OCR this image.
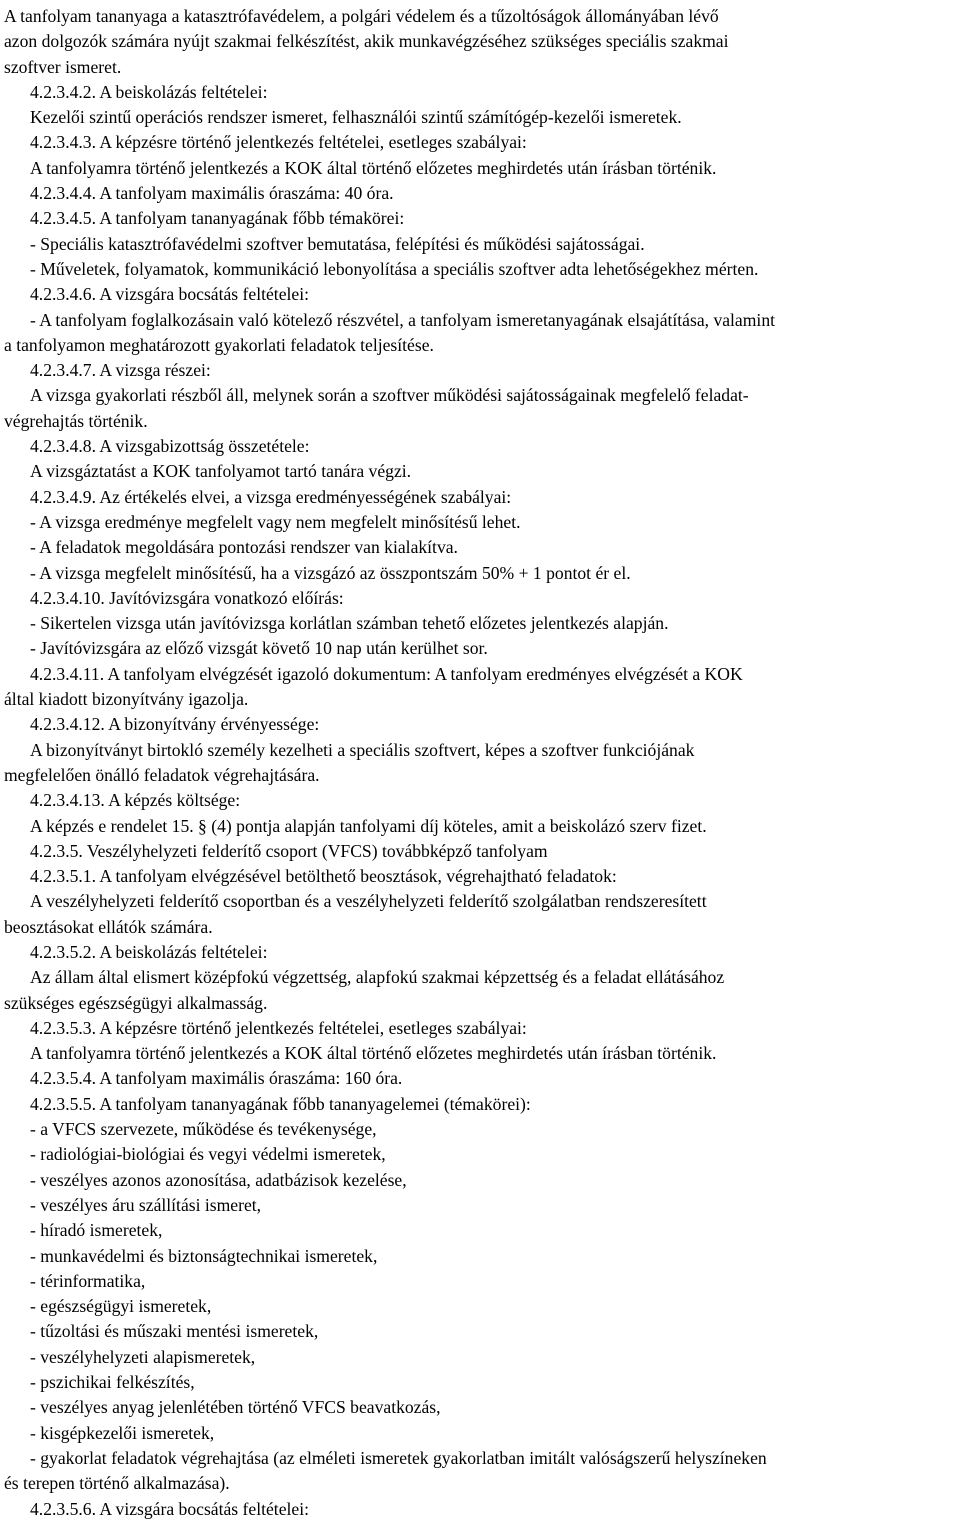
A tanfolyam tananyaga a katasztrófavédelem, a polgári védelem és a tűzoltóságok állományában lévő
azon dolgozók számára nyújt szakmai felkészítést, akik munkavégzéséhez szükséges speciális szakmai
szoftver ismeret.
4.2.3.4.2. A beiskolázás feltételei:
Kezelői szintű operációs rendszer ismeret, felhasználói szintű számítógép-kezelői ismeretek.
4.2.3.4.3. A képzésre történő jelentkezés feltételei, esetleges szabályai:
A tanfolyamra történő jelentkezés a KOK által történő előzetes meghirdetés után írásban történik.
4.2.3.4.4. A tanfolyam maximális óraszáma: 40 óra.
4.2.3.4.5. A tanfolyam tananyagának főbb témakörei:
- Speciális katasztrófavédelmi szoftver bemutatása, felépítési és működési sajátosságai.
- Műveletek, folyamatok, kommunikáció lebonyolítása a speciális szoftver adta lehetőségekhez mérten.
4.2.3.4.6. A vizsgára bocsátás feltételei:
- A tanfolyam foglalkozásain való kötelező részvétel, a tanfolyam ismeretanyagának elsajátítása, valamint
a tanfolyamon meghatározott gyakorlati feladatok teljesítése.
4.2.3.4.7. A vizsga részei:
A vizsga gyakorlati részből áll, melynek során a szoftver működési sajátosságainak megfelelő feladat-
végrehajtás történik.
4.2.3.4.8. A vizsgabizottság összetétele:
A vizsgáztatást a KOK tanfolyamot tartó tanára végzi.
4.2.3.4.9. Az értékelés elvei, a vizsga eredményességének szabályai:
- A vizsga eredménye megfelelt vagy nem megfelelt minősítésű lehet.
- A feladatok megoldására pontozási rendszer van kialakítva.
- A vizsga megfelelt minősítésű, ha a vizsgázó az összpontszám 50% + 1 pontot ér el.
4.2.3.4.10. Javítóvizsgára vonatkozó előírás:
- Sikertelen vizsga után javítóvizsga korlátlan számban tehető előzetes jelentkezés alapján.
- Javítóvizsgára az előző vizsgát követő 10 nap után kerülhet sor.
4.2.3.4.11. A tanfolyam elvégzését igazoló dokumentum: A tanfolyam eredményes elvégzését a KOK
által kiadott bizonyítvány igazolja.
4.2.3.4.12. A bizonyítvány érvényessége:
A bizonyítványt birtokló személy kezelheti a speciális szoftvert, képes a szoftver funkciójának
megfelelően önálló feladatok végrehajtására.
4.2.3.4.13. A képzés költsége:
A képzés e rendelet 15. § (4) pontja alapján tanfolyami díj köteles, amit a beiskolázó szerv fizet.
4.2.3.5. Veszélyhelyzeti felderítő csoport (VFCS) továbbképző tanfolyam
4.2.3.5.1. A tanfolyam elvégzésével betölthető beosztások, végrehajtható feladatok:
A veszélyhelyzeti felderítő csoportban és a veszélyhelyzeti felderítő szolgálatban rendszeresített
beosztásokat ellátók számára.
4.2.3.5.2. A beiskolázás feltételei:
Az állam által elismert középfokú végzettség, alapfokú szakmai képzettség és a feladat ellátásához
szükséges egészségügyi alkalmasság.
4.2.3.5.3. A képzésre történő jelentkezés feltételei, esetleges szabályai:
A tanfolyamra történő jelentkezés a KOK által történő előzetes meghirdetés után írásban történik.
4.2.3.5.4. A tanfolyam maximális óraszáma: 160 óra.
4.2.3.5.5. A tanfolyam tananyagának főbb tananyagelemei (témakörei):
- a VFCS szervezete, működése és tevékenysége,
- radiológiai-biológiai és vegyi védelmi ismeretek,
- veszélyes azonos azonosítása, adatbázisok kezelése,
- veszélyes áru szállítási ismeret,
- híradó ismeretek,
- munkavédelmi és biztonságtechnikai ismeretek,
- térinformatika,
- egészségügyi ismeretek,
- tűzoltási és műszaki mentési ismeretek,
- veszélyhelyzeti alapismeretek,
- pszichikai felkészítés,
- veszélyes anyag jelenlétében történő VFCS beavatkozás,
- kisgépkezelői ismeretek,
- gyakorlat feladatok végrehajtása (az elméleti ismeretek gyakorlatban imitált valóságszerű helyszíneken
és terepen történő alkalmazása).
4.2.3.5.6. A vizsgára bocsátás feltételei:
